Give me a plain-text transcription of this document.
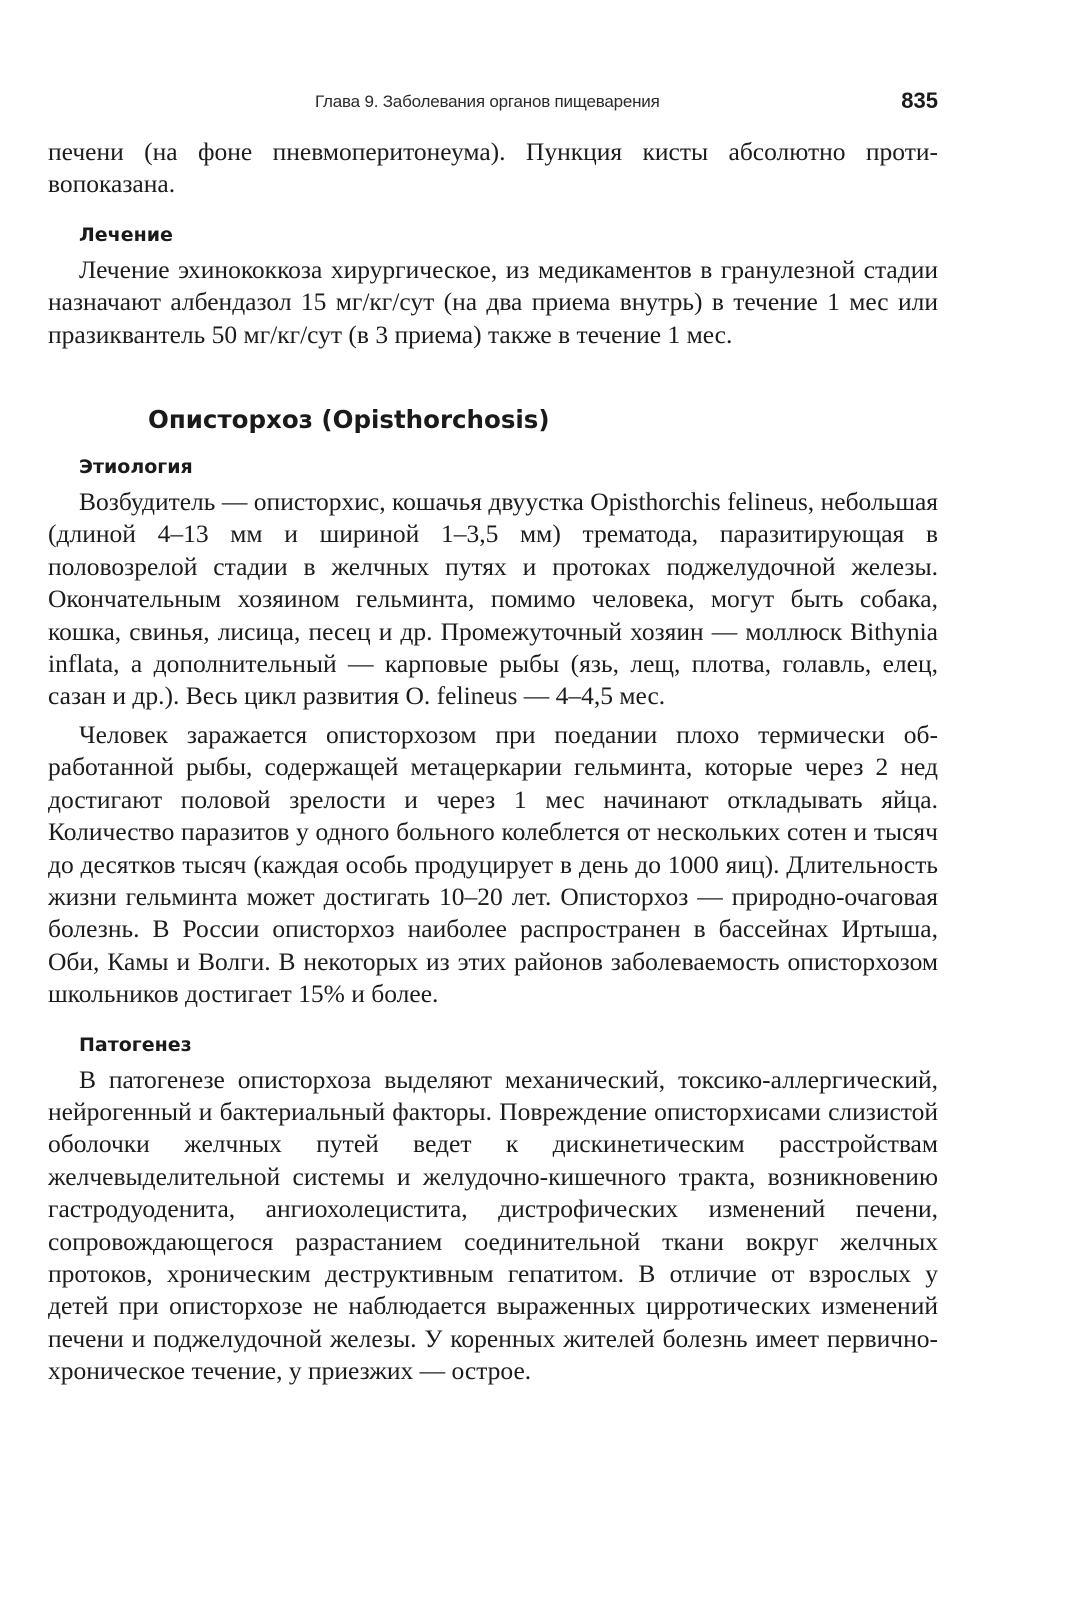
Глава 9. Заболевания органов пищеварения	835

печени (на фоне пневмоперитонеума). Пункция кисты абсолютно противопоказана.

Лечение

Лечение эхинококкоза хирургическое, из медикаментов в гранулезной стадии назначают албендазол 15 мг/кг/сут (на два приема внутрь) в течение 1 мес или празиквантель 50 мг/кг/сут (в 3 приема) также в течение 1 мес.

Описторхоз (Opisthorchosis)
Этиология

Возбудитель — описторхис, кошачья двуустка Opisthorchis felineus, небольшая (длиной 4–13 мм и шириной 1–3,5 мм) трематода, паразитирующая в половозрелой стадии в желчных путях и протоках поджелудочной железы. Окончательным хозяином гельминта, помимо человека, могут быть собака, кошка, свинья, лисица, песец и др. Промежуточный хозяин — моллюск Bithynia inflata, а дополнительный — карповые рыбы (язь, лещ, плотва, голавль, елец, сазан и др.). Весь цикл развития O. felineus — 4–4,5 мес.

Человек заражается описторхозом при поедании плохо термически обработанной рыбы, содержащей метацеркарии гельминта, которые через 2 нед достигают половой зрелости и через 1 мес начинают откладывать яйца. Количество паразитов у одного больного колеблется от нескольких сотен и тысяч до десятков тысяч (каждая особь продуцирует в день до 1000 яиц). Длительность жизни гельминта может достигать 10–20 лет. Описторхоз — природно-очаговая болезнь. В России описторхоз наиболее распространен в бассейнах Иртыша, Оби, Камы и Волги. В некоторых из этих районов заболеваемость описторхозом школьников достигает 15% и более.

Патогенез

В патогенезе описторхоза выделяют механический, токсико-аллергический, нейрогенный и бактериальный факторы. Повреждение описторхисами слизистой оболочки желчных путей ведет к дискинетическим расстройствам желчевыделительной системы и желудочно-кишечного тракта, возникновению гастродуоденита, ангиохолецистита, дистрофических изменений печени, сопровождающегося разрастанием соединительной ткани вокруг желчных протоков, хроническим деструктивным гепатитом. В отличие от взрослых у детей при описторхозе не наблюдается выраженных цирротических изменений печени и поджелудочной железы. У коренных жителей болезнь имеет первично-хроническое течение, у приезжих — острое.
